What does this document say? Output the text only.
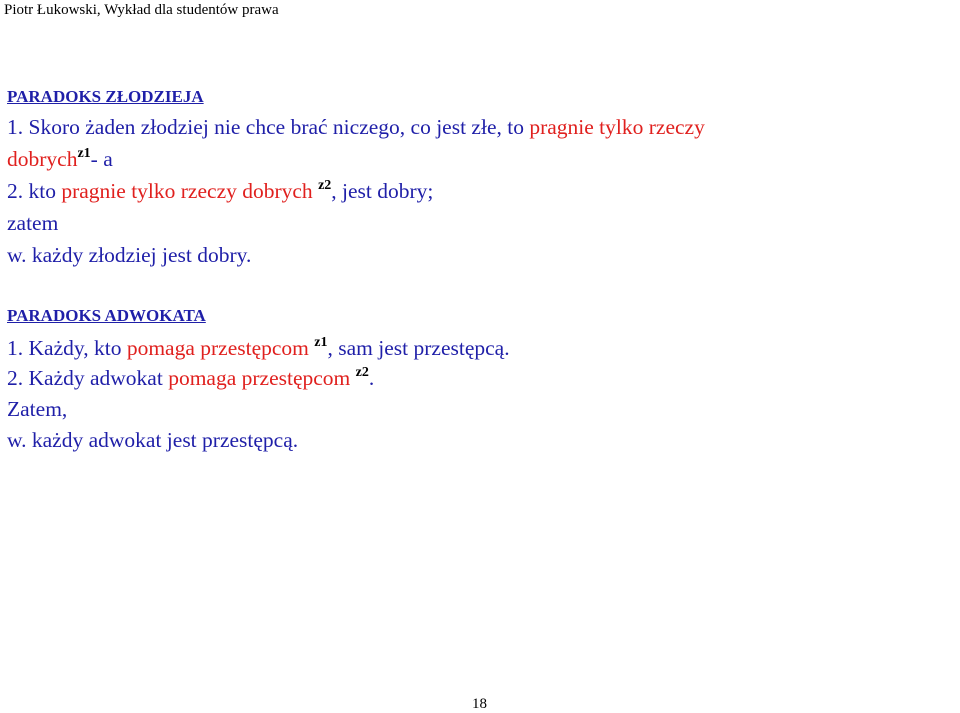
Piotr Łukowski, Wykład dla studentów prawa
PARADOKS ZŁODZIEJA
1. Skoro żaden złodziej nie chce brać niczego, co jest złe, to pragnie tylko rzeczy
dobrych$^{z1}$- a
2. kto pragnie tylko rzeczy dobrych $^{z2}$, jest dobry;
zatem
w. każdy złodziej jest dobry.
PARADOKS ADWOKATA
1. Każdy, kto pomaga przestępcom $^{z1}$, sam jest przestępcą.
2. Każdy adwokat pomaga przestępcom $^{z2}$.
Zatem,
w. każdy adwokat jest przestępcą.
18
